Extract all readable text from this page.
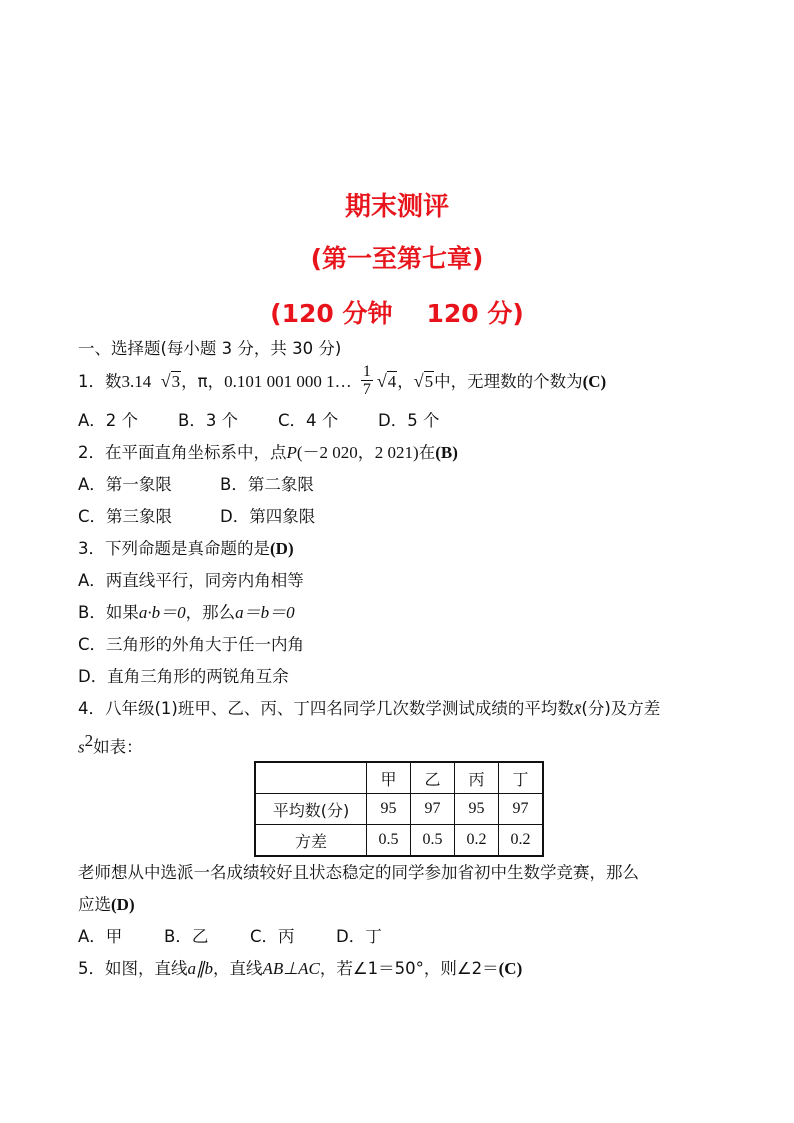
期末测评
(第一至第七章)
(120 分钟 120 分)
一、选择题(每小题 3 分，共 30 分)
1．数3.14 √3，π，0.101 001 000 1… $\frac{1}{7} √4$，√5中，无理数的个数为(C)
A．2 个 B．3 个 C．4 个 D．5 个
2．在平面直角坐标系中，点P(－2 020，2 021)在(B)
A．第一象限	B．第二象限
C．第三象限	D．第四象限
3．下列命题是真命题的是(D)
A．两直线平行，同旁内角相等
B．如果a·b＝0，那么a＝b＝0
C．三角形的外角大于任一内角
D．直角三角形的两锐角互余
4．八年级(1)班甲、乙、丙、丁四名同学几次数学测试成绩的平均数x̄(分)及方差
$s^2$如表：
	甲	乙	丙	丁
平均数(分)	95	97	95	97
方差	0.5	0.5	0.2	0.2
老师想从中选派一名成绩较好且状态稳定的同学参加省初中生数学竞赛，那么
应选(D)
A．甲	B．乙	C．丙	D．丁
5．如图，直线a∥b，直线AB⊥AC，若∠1＝50°，则∠2＝(C)
